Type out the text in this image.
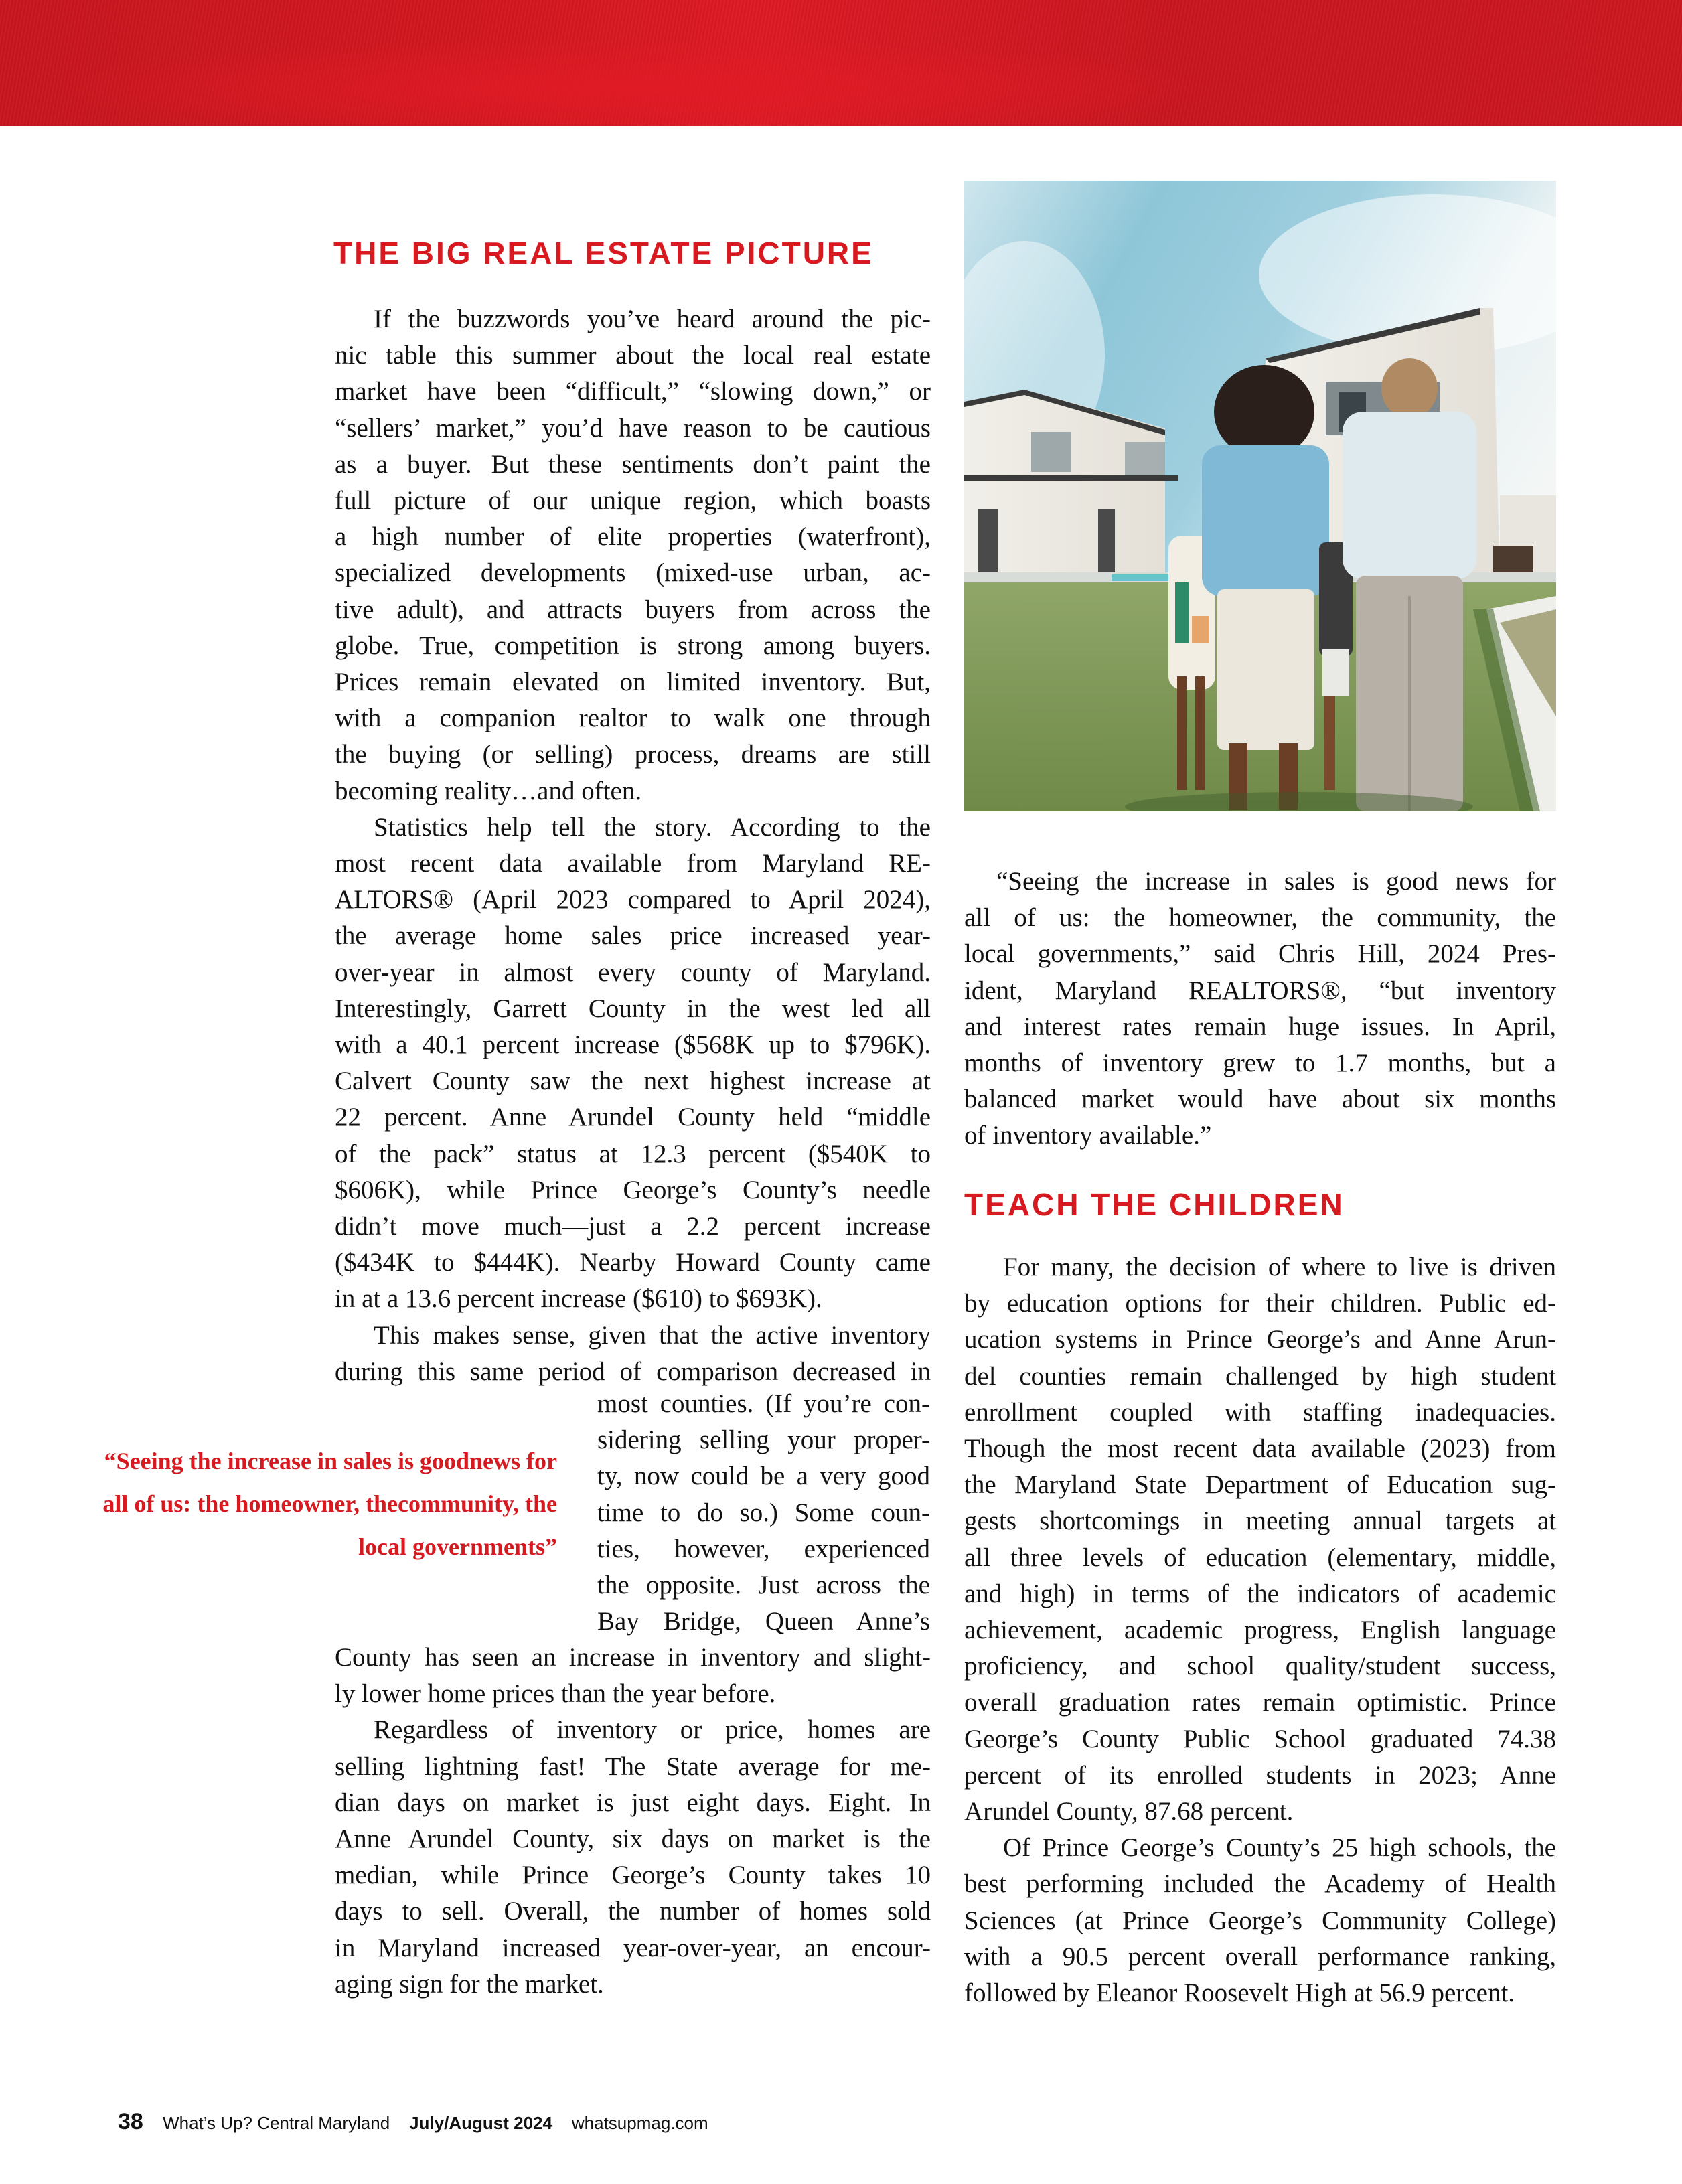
THE BIG REAL ESTATE PICTURE
If the buzzwords you’ve heard around the pic-
nic table this summer about the local real estate
market have been “difficult,” “slowing down,” or
“sellers’ market,” you’d have reason to be cautious
as a buyer. But these sentiments don’t paint the
full picture of our unique region, which boasts
a high number of elite properties (waterfront),
specialized developments (mixed-use urban, ac-
tive adult), and attracts buyers from across the
globe. True, competition is strong among buyers.
Prices remain elevated on limited inventory. But,
with a companion realtor to walk one through
the buying (or selling) process, dreams are still
becoming reality…and often.
Statistics help tell the story. According to the
most recent data available from Maryland RE-
ALTORS® (April 2023 compared to April 2024),
the average home sales price increased year-
over-year in almost every county of Maryland.
Interestingly, Garrett County in the west led all
with a 40.1 percent increase ($568K up to $796K).
Calvert County saw the next highest increase at
22 percent. Anne Arundel County held “middle
of the pack” status at 12.3 percent ($540K to
$606K), while Prince George’s County’s needle
didn’t move much—just a 2.2 percent increase
($434K to $444K). Nearby Howard County came
in at a 13.6 percent increase ($610) to $693K).
This makes sense, given that the active inventory
during this same period of comparison decreased in
most counties. (If you’re con-
sidering selling your proper-
ty, now could be a very good
time to do so.) Some coun-
ties, however, experienced
the opposite. Just across the
Bay Bridge, Queen Anne’s
County has seen an increase in inventory and slight-
ly lower home prices than the year before.
Regardless of inventory or price, homes are
selling lightning fast! The State average for me-
dian days on market is just eight days. Eight. In
Anne Arundel County, six days on market is the
median, while Prince George’s County takes 10
days to sell. Overall, the number of homes sold
in Maryland increased year-over-year, an encour-
aging sign for the market.
“Seeing the increase in sales is goodnews for all of us: the homeowner, thecommunity, the local governments”
“Seeing the increase in sales is good news for
all of us: the homeowner, the community, the
local governments,” said Chris Hill, 2024 Pres-
ident, Maryland REALTORS®, “but inventory
and interest rates remain huge issues. In April,
months of inventory grew to 1.7 months, but a
balanced market would have about six months
of inventory available.”
TEACH THE CHILDREN
For many, the decision of where to live is driven
by education options for their children. Public ed-
ucation systems in Prince George’s and Anne Arun-
del counties remain challenged by high student
enrollment coupled with staffing inadequacies.
Though the most recent data available (2023) from
the Maryland State Department of Education sug-
gests shortcomings in meeting annual targets at
all three levels of education (elementary, middle,
and high) in terms of the indicators of academic
achievement, academic progress, English language
proficiency, and school quality/student success,
overall graduation rates remain optimistic. Prince
George’s County Public School graduated 74.38
percent of its enrolled students in 2023; Anne
Arundel County, 87.68 percent.
Of Prince George’s County’s 25 high schools, the
best performing included the Academy of Health
Sciences (at Prince George’s Community College)
with a 90.5 percent overall performance ranking,
followed by Eleanor Roosevelt High at 56.9 percent.
38 What’s Up? Central Maryland July/August 2024 whatsupmag.com
